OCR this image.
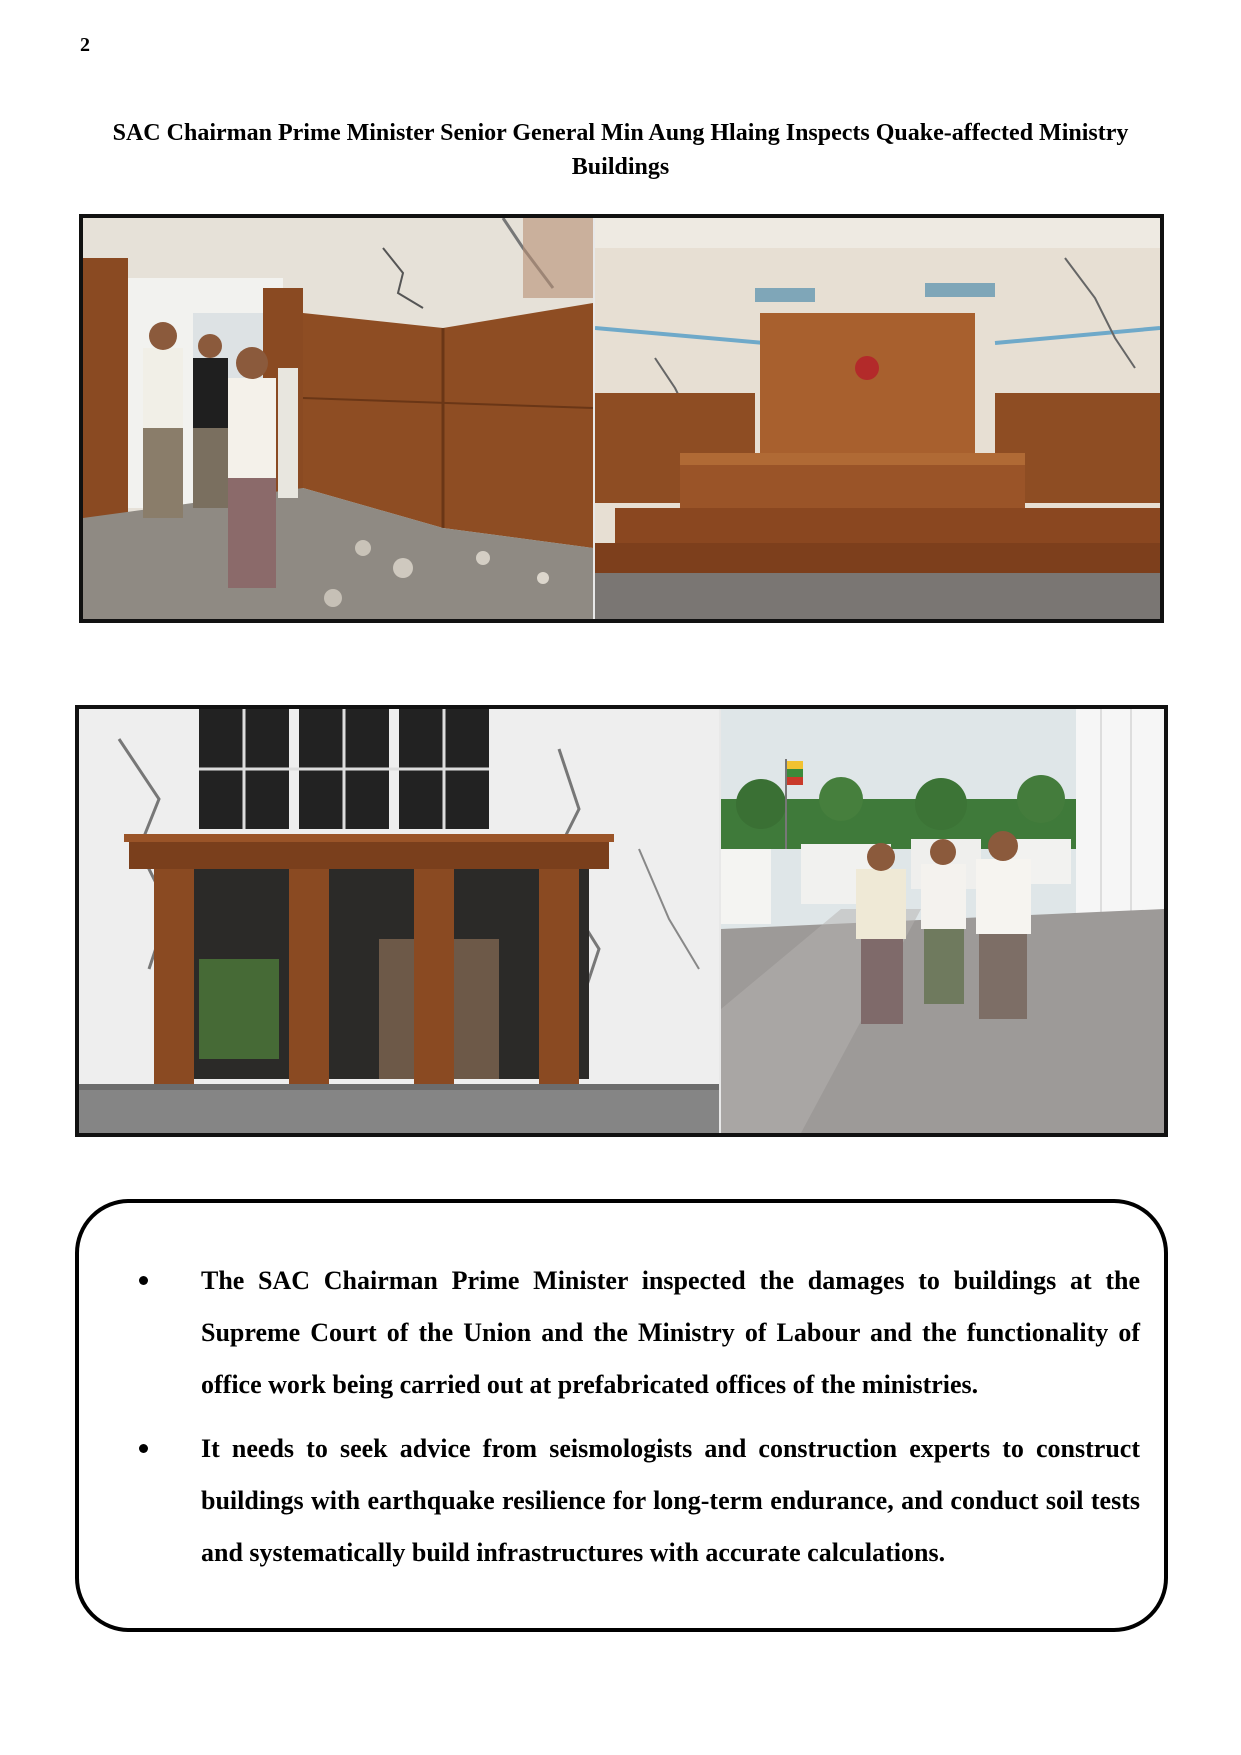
2
SAC Chairman Prime Minister Senior General Min Aung Hlaing Inspects Quake-affected Ministry Buildings
The SAC Chairman Prime Minister inspected the damages to buildings at the Supreme Court of the Union and the Ministry of Labour and the functionality of office work being carried out at prefabricated offices of the ministries.
It needs to seek advice from seismologists and construction experts to construct buildings with earthquake resilience for long-term endurance, and conduct soil tests and systematically build infrastructures with accurate calculations.
